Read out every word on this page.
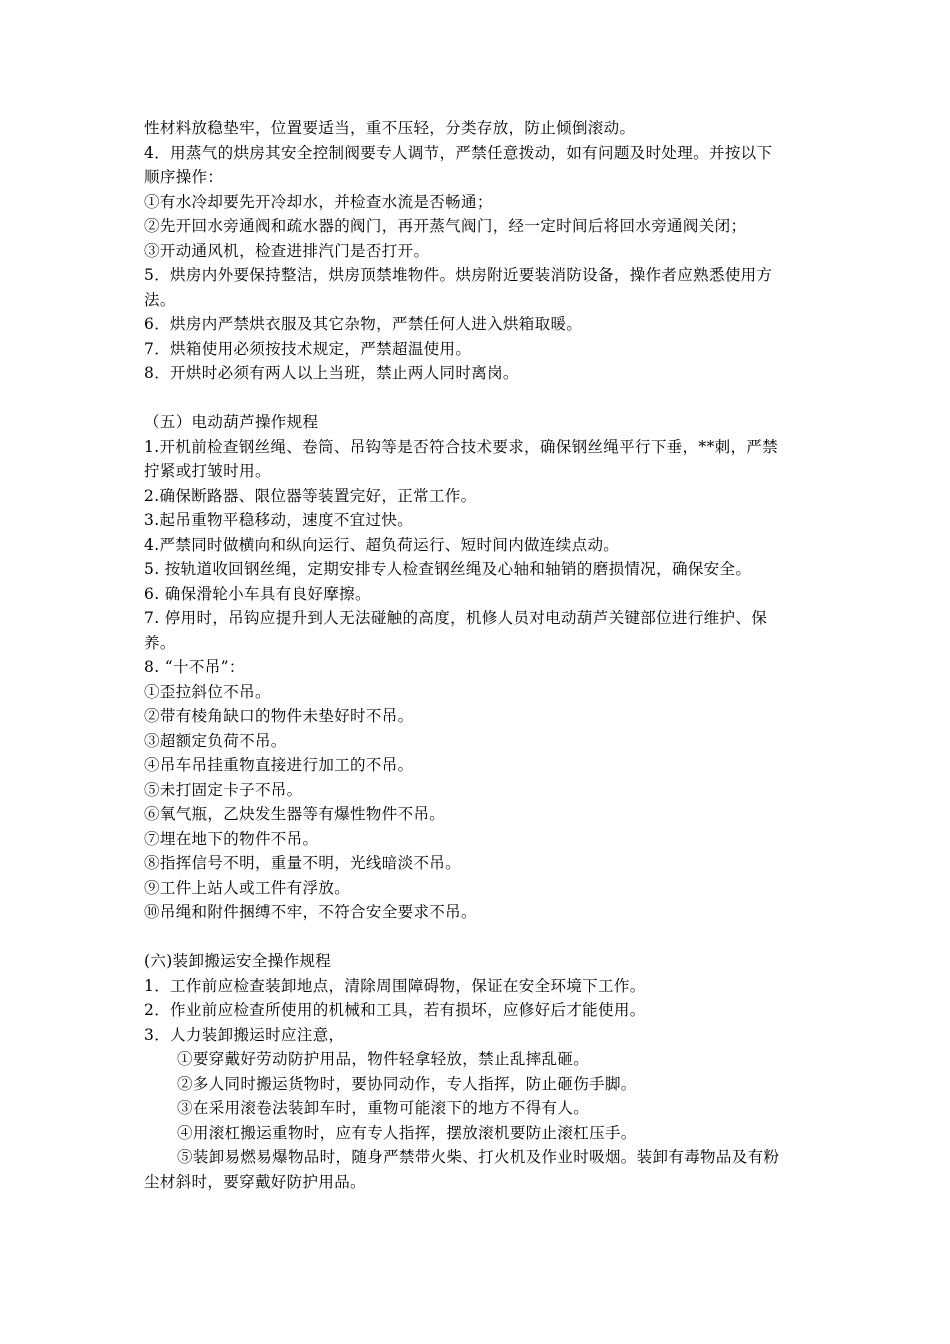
性材料放稳垫牢，位置要适当，重不压轻，分类存放，防止倾倒滚动。
4．用蒸气的烘房其安全控制阀要专人调节，严禁任意拨动，如有问题及时处理。并按以下
顺序操作：
①有水冷却要先开冷却水，并检查水流是否畅通；
②先开回水旁通阀和疏水器的阀门，再开蒸气阀门，经一定时间后将回水旁通阀关闭；
③开动通风机，检查进排汽门是否打开。
5．烘房内外要保持整洁，烘房顶禁堆物件。烘房附近要装消防设备，操作者应熟悉使用方
法。
6．烘房内严禁烘衣服及其它杂物，严禁任何人进入烘箱取暖。
7．烘箱使用必须按技术规定，严禁超温使用。
8．开烘时必须有两人以上当班，禁止两人同时离岗。
（五）电动葫芦操作规程
1.开机前检查钢丝绳、卷筒、吊钩等是否符合技术要求，确保钢丝绳平行下垂，**刺，严禁
拧紧或打皱时用。
2.确保断路器、限位器等装置完好，正常工作。
3.起吊重物平稳移动，速度不宜过快。
4.严禁同时做横向和纵向运行、超负荷运行、短时间内做连续点动。
5. 按轨道收回钢丝绳，定期安排专人检查钢丝绳及心轴和轴销的磨损情况，确保安全。
6. 确保滑轮小车具有良好摩擦。
7. 停用时，吊钩应提升到人无法碰触的高度，机修人员对电动葫芦关键部位进行维护、保
养。
8. “十不吊”：
①歪拉斜位不吊。
②带有棱角缺口的物件未垫好时不吊。
③超额定负荷不吊。
④吊车吊挂重物直接进行加工的不吊。
⑤未打固定卡子不吊。
⑥氧气瓶，乙炔发生器等有爆性物件不吊。
⑦埋在地下的物件不吊。
⑧指挥信号不明，重量不明，光线暗淡不吊。
⑨工件上站人或工件有浮放。
⑩吊绳和附件捆缚不牢，不符合安全要求不吊。
(六)装卸搬运安全操作规程
1．工作前应检查装卸地点，清除周围障碍物，保证在安全环境下工作。
2．作业前应检查所使用的机械和工具，若有损坏，应修好后才能使用。
3．人力装卸搬运时应注意，
①要穿戴好劳动防护用品，物件轻拿轻放，禁止乱摔乱砸。
②多人同时搬运货物时，要协同动作，专人指挥，防止砸伤手脚。
③在采用滚卷法装卸车时，重物可能滚下的地方不得有人。
④用滚杠搬运重物时，应有专人指挥，摆放滚机要防止滚杠压手。
⑤装卸易燃易爆物品时，随身严禁带火柴、打火机及作业时吸烟。装卸有毒物品及有粉
尘材斜时，要穿戴好防护用品。
